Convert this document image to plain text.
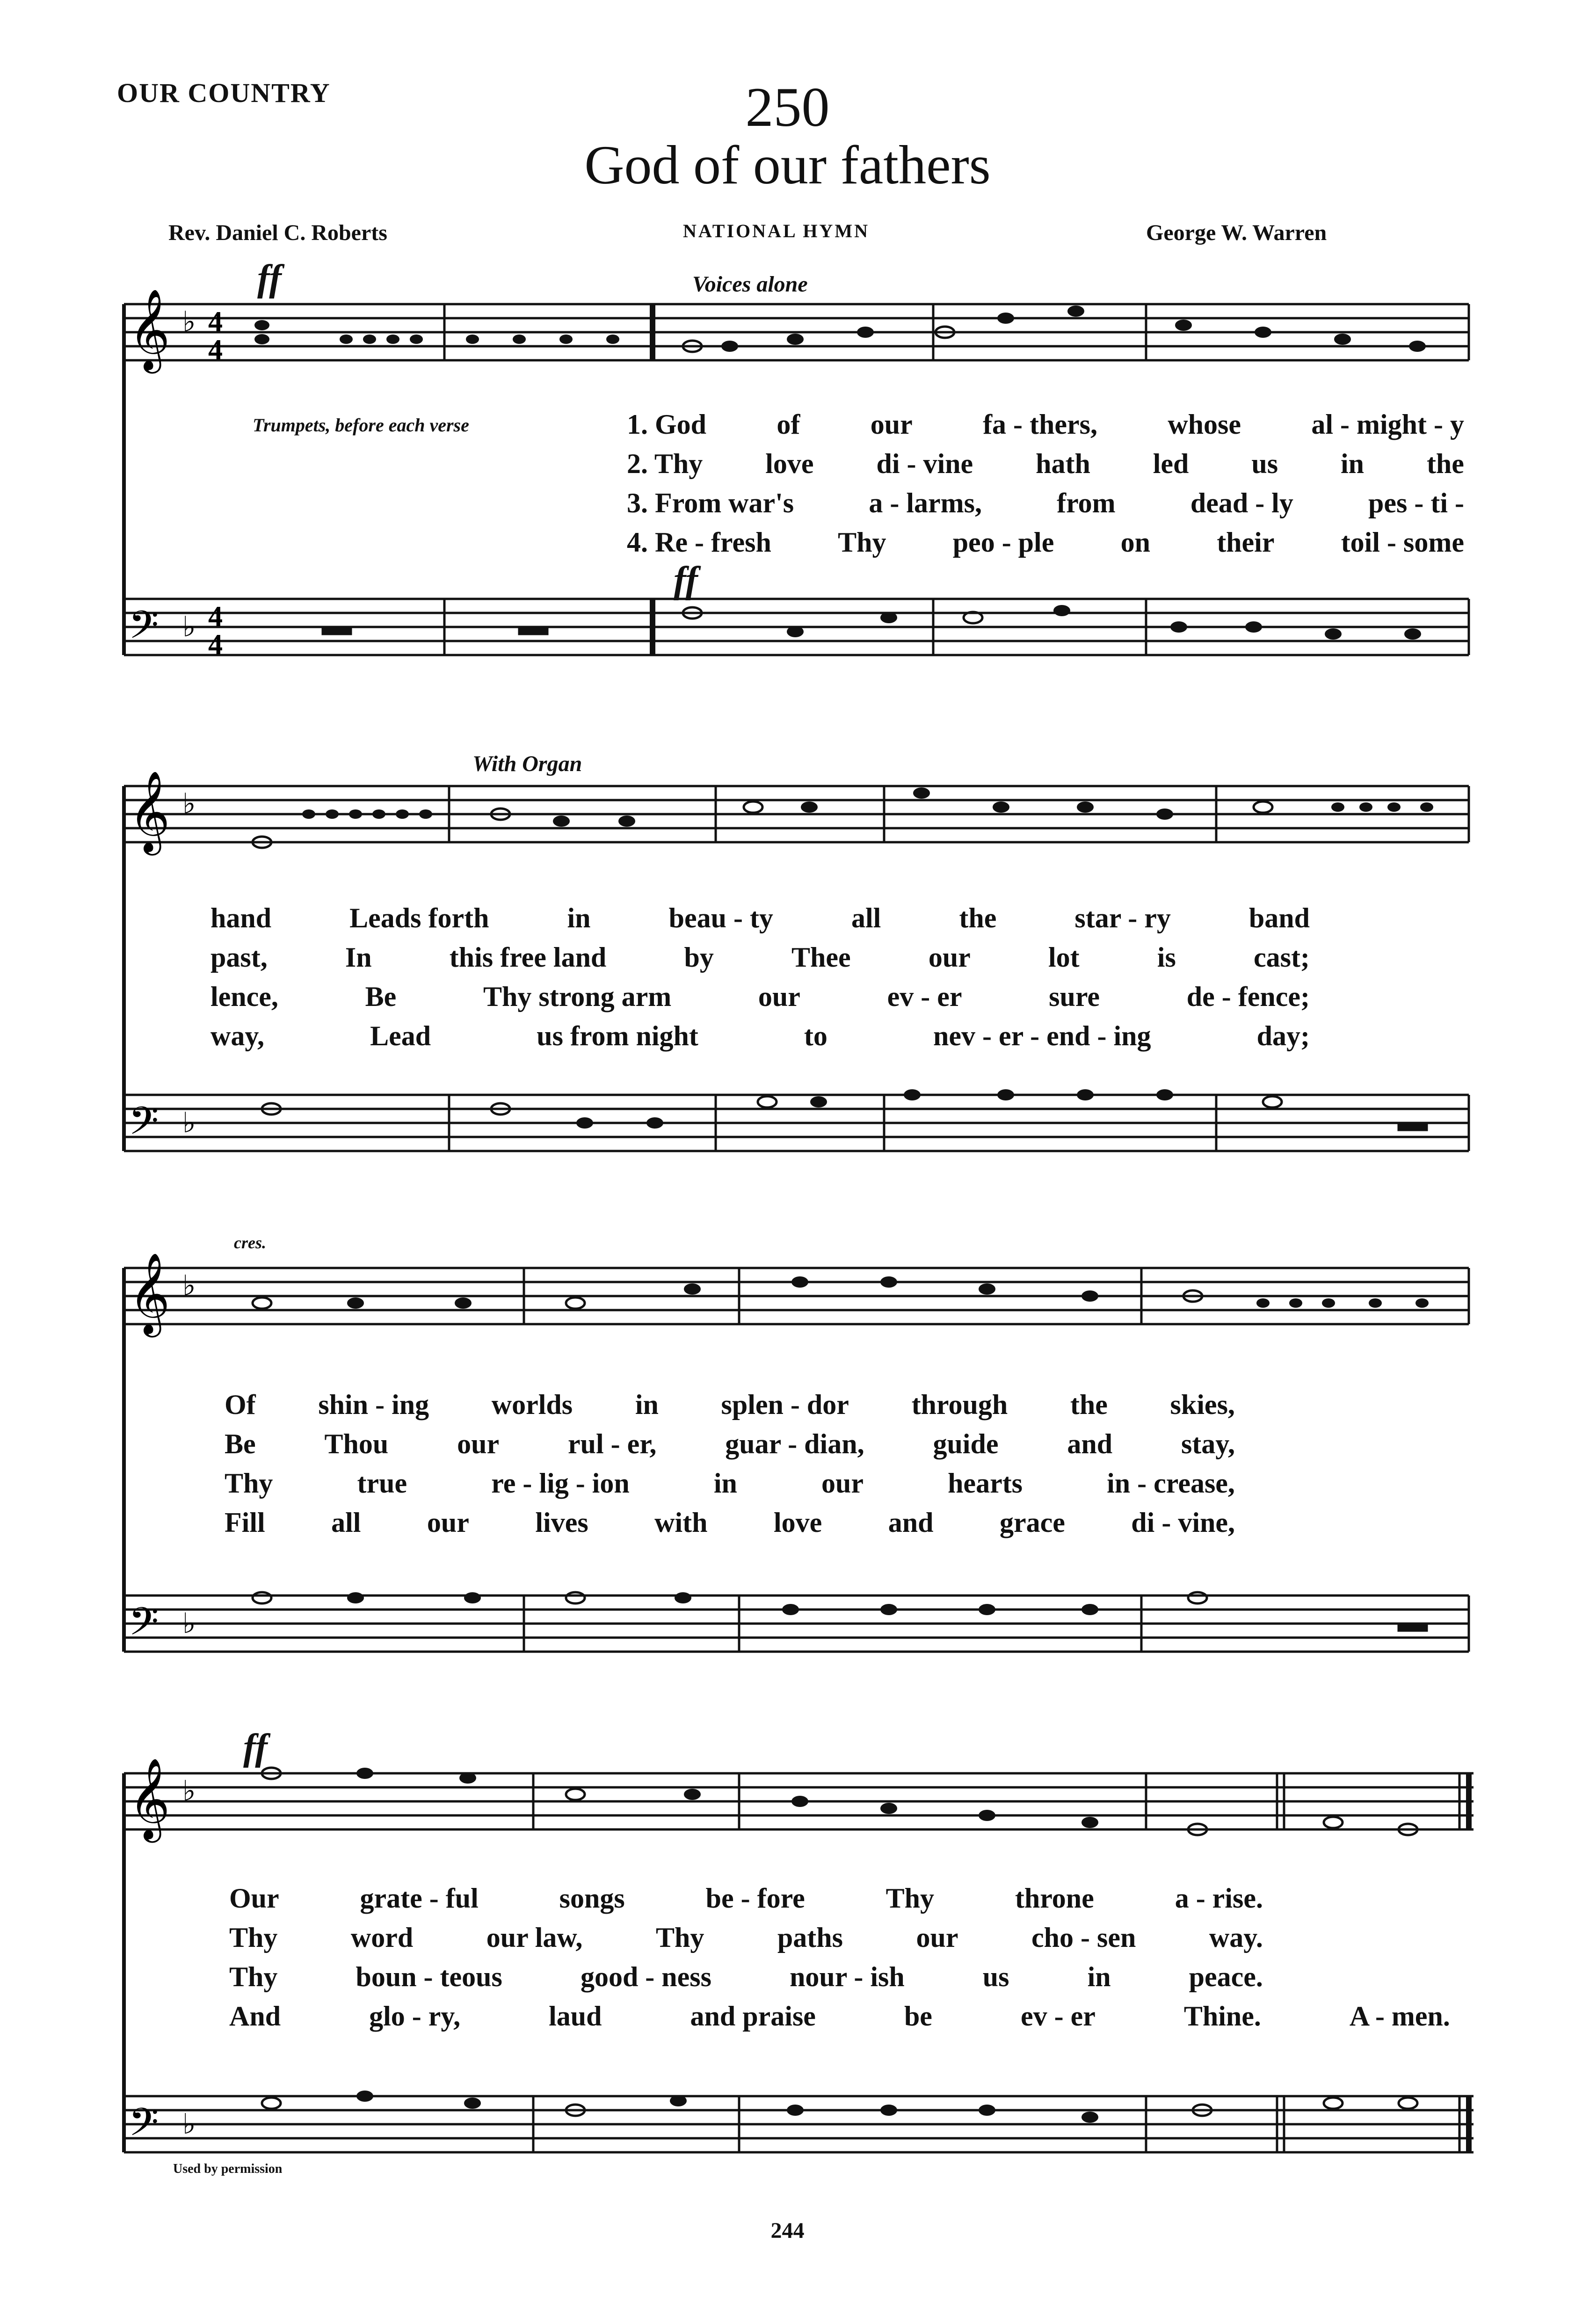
OUR COUNTRY	250
God of our fathers
Rev. Daniel C. Roberts	NATIONAL HYMN	George W. Warren
𝄞
𝄢
♭
♭
4
4
4
4
ff	Voices alone
Trumpets, before each verse
ff
1. God	of	our	fa - thers,	whose	al - might - y
2. Thy love di - vine hath led us in the
3. From war's	a - larms,	from	dead - ly	pes - ti -
4. Re - fresh Thy peo - ple on their toil - some
𝄞
𝄢
♭
♭
With Organ
hand	Leads forth	in	beau - ty	all	the	star - ry	band
past,	In	this free land	by	Thee	our	lot	is	cast;
lence,	Be	Thy strong arm	our	ev - er	sure	de - fence;
way,	Lead	us from night	to	nev - er - end - ing	day;
𝄞
𝄢
♭
♭
cres.
Of shin - ing worlds in splen - dor through the skies,
Be Thou our rul - er, guar - dian, guide and stay,
Thy	true	re - lig - ion	in	our	hearts	in - crease,
Fill all our lives with love and grace di - vine,
𝄞
𝄢
♭
♭
ff
Our	grate - ful	songs	be - fore	Thy	throne	a - rise.
Thy	word	our law,	Thy	paths	our	cho - sen	way.
Thy	boun - teous	good - ness	nour - ish	us	in	peace.
And	glo - ry,	laud	and praise	be	ev - er	Thine.	A - men.
Used by permission
244
